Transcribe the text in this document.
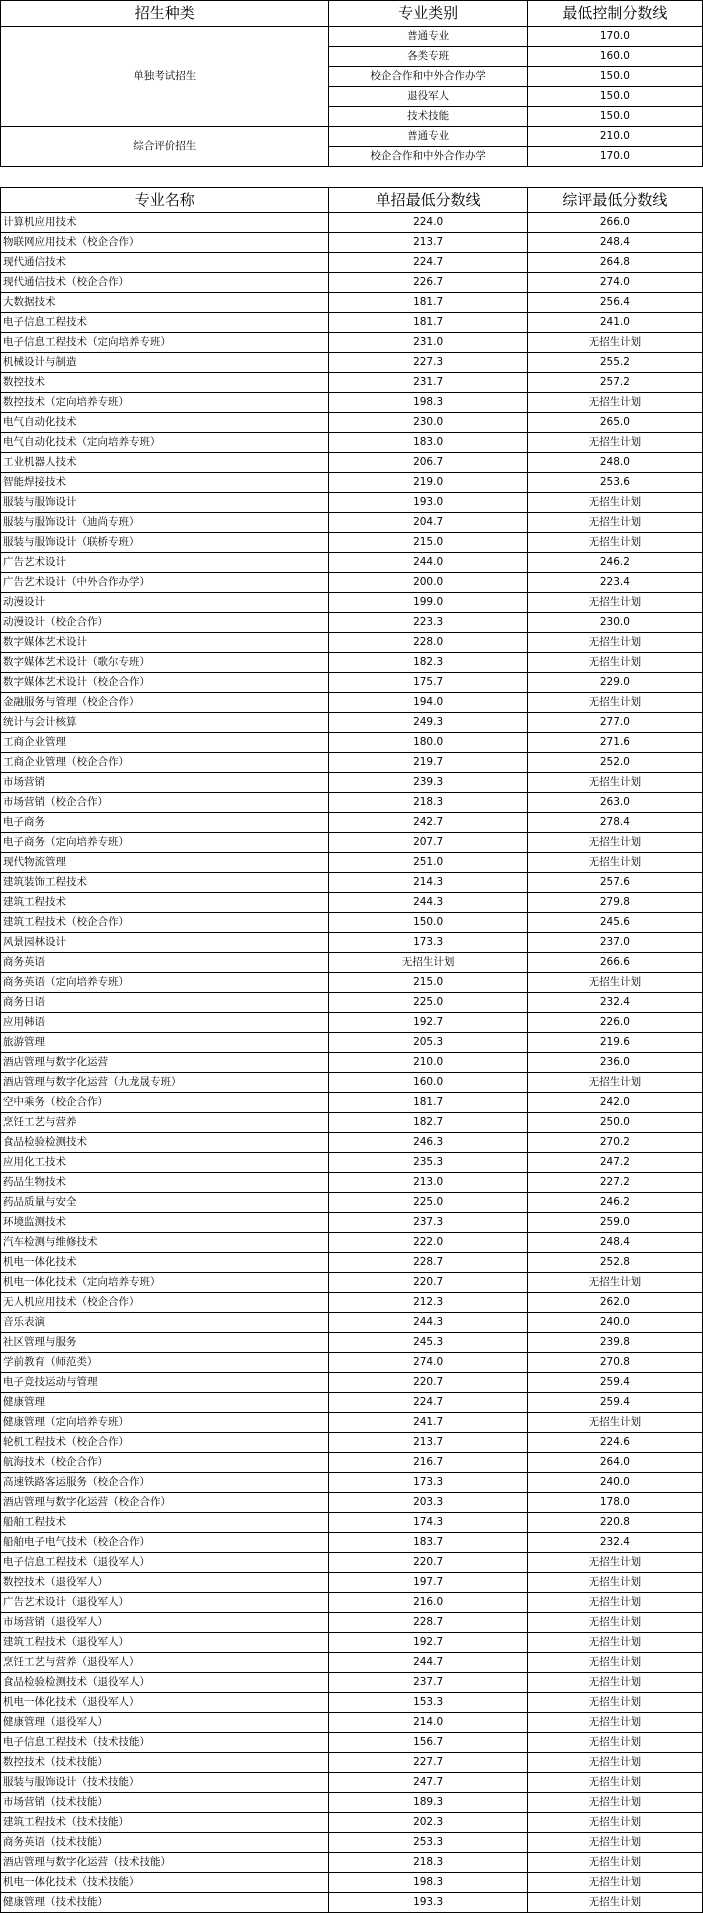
招生种类	专业类别	最低控制分数线
单独考试招生	普通专业	170.0
	各类专班	160.0
	校企合作和中外合作办学	150.0
	退役军人	150.0
	技术技能	150.0
综合评价招生	普通专业	210.0
	校企合作和中外合作办学	170.0
专业名称	单招最低分数线	综评最低分数线
计算机应用技术	224.0	266.0
物联网应用技术（校企合作）	213.7	248.4
现代通信技术	224.7	264.8
现代通信技术（校企合作）	226.7	274.0
大数据技术	181.7	256.4
电子信息工程技术	181.7	241.0
电子信息工程技术（定向培养专班）	231.0	无招生计划
机械设计与制造	227.3	255.2
数控技术	231.7	257.2
数控技术（定向培养专班）	198.3	无招生计划
电气自动化技术	230.0	265.0
电气自动化技术（定向培养专班）	183.0	无招生计划
工业机器人技术	206.7	248.0
智能焊接技术	219.0	253.6
服装与服饰设计	193.0	无招生计划
服装与服饰设计（迪尚专班）	204.7	无招生计划
服装与服饰设计（联桥专班）	215.0	无招生计划
广告艺术设计	244.0	246.2
广告艺术设计（中外合作办学）	200.0	223.4
动漫设计	199.0	无招生计划
动漫设计（校企合作）	223.3	230.0
数字媒体艺术设计	228.0	无招生计划
数字媒体艺术设计（歌尔专班）	182.3	无招生计划
数字媒体艺术设计（校企合作）	175.7	229.0
金融服务与管理（校企合作）	194.0	无招生计划
统计与会计核算	249.3	277.0
工商企业管理	180.0	271.6
工商企业管理（校企合作）	219.7	252.0
市场营销	239.3	无招生计划
市场营销（校企合作）	218.3	263.0
电子商务	242.7	278.4
电子商务（定向培养专班）	207.7	无招生计划
现代物流管理	251.0	无招生计划
建筑装饰工程技术	214.3	257.6
建筑工程技术	244.3	279.8
建筑工程技术（校企合作）	150.0	245.6
风景园林设计	173.3	237.0
商务英语	无招生计划	266.6
商务英语（定向培养专班）	215.0	无招生计划
商务日语	225.0	232.4
应用韩语	192.7	226.0
旅游管理	205.3	219.6
酒店管理与数字化运营	210.0	236.0
酒店管理与数字化运营（九龙晟专班）	160.0	无招生计划
空中乘务（校企合作）	181.7	242.0
烹饪工艺与营养	182.7	250.0
食品检验检测技术	246.3	270.2
应用化工技术	235.3	247.2
药品生物技术	213.0	227.2
药品质量与安全	225.0	246.2
环境监测技术	237.3	259.0
汽车检测与维修技术	222.0	248.4
机电一体化技术	228.7	252.8
机电一体化技术（定向培养专班）	220.7	无招生计划
无人机应用技术（校企合作）	212.3	262.0
音乐表演	244.3	240.0
社区管理与服务	245.3	239.8
学前教育（师范类）	274.0	270.8
电子竞技运动与管理	220.7	259.4
健康管理	224.7	259.4
健康管理（定向培养专班）	241.7	无招生计划
轮机工程技术（校企合作）	213.7	224.6
航海技术（校企合作）	216.7	264.0
高速铁路客运服务（校企合作）	173.3	240.0
酒店管理与数字化运营（校企合作）	203.3	178.0
船舶工程技术	174.3	220.8
船舶电子电气技术（校企合作）	183.7	232.4
电子信息工程技术（退役军人）	220.7	无招生计划
数控技术（退役军人）	197.7	无招生计划
广告艺术设计（退役军人）	216.0	无招生计划
市场营销（退役军人）	228.7	无招生计划
建筑工程技术（退役军人）	192.7	无招生计划
烹饪工艺与营养（退役军人）	244.7	无招生计划
食品检验检测技术（退役军人）	237.7	无招生计划
机电一体化技术（退役军人）	153.3	无招生计划
健康管理（退役军人）	214.0	无招生计划
电子信息工程技术（技术技能）	156.7	无招生计划
数控技术（技术技能）	227.7	无招生计划
服装与服饰设计（技术技能）	247.7	无招生计划
市场营销（技术技能）	189.3	无招生计划
建筑工程技术（技术技能）	202.3	无招生计划
商务英语（技术技能）	253.3	无招生计划
酒店管理与数字化运营（技术技能）	218.3	无招生计划
机电一体化技术（技术技能）	198.3	无招生计划
健康管理（技术技能）	193.3	无招生计划
